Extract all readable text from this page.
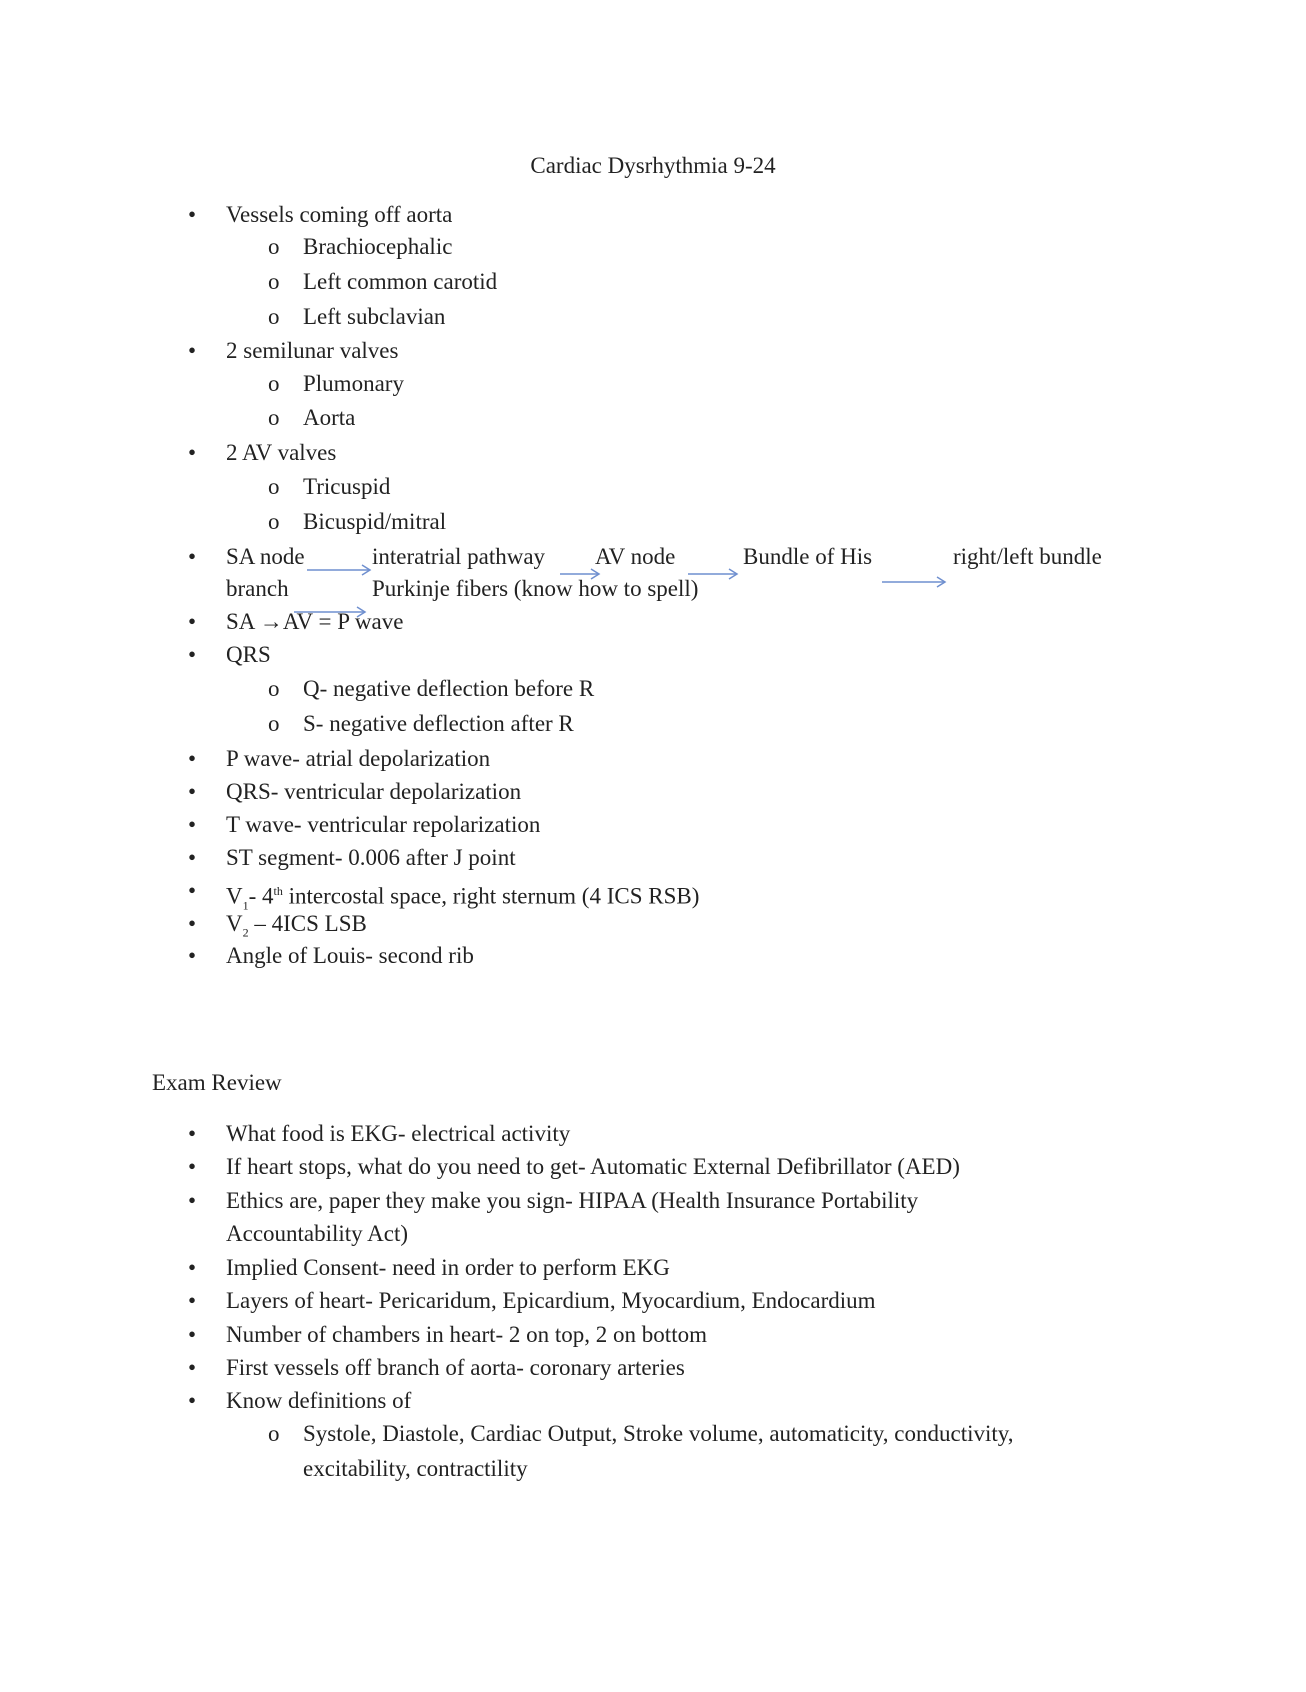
Cardiac Dysrhythmia 9-24
•
Vessels coming off aorta
o Brachiocephalic
o Left common carotid
o Left subclavian
•
2 semilunar valves
o Plumonary
o Aorta
•
2 AV valves
o Tricuspid
o Bicuspid/mitral
•
SA node	interatrial pathway AV node	Bundle of His	right/left bundle
branch	Purkinje fibers (know how to spell)
•
SA →AV = P wave
•
QRS
o Q- negative deflection before R
o S- negative deflection after R
•
P wave- atrial depolarization
•
QRS- ventricular depolarization
•
T wave- ventricular repolarization
•
ST segment- 0.006 after J point
•
$V_1-$ 4th intercostal space, right sternum (4 ICS RSB)
•
$V_2 - 4ICS$ LSB
•
Angle of Louis- second rib
Exam Review
•
What food is EKG- electrical activity
•
If heart stops, what do you need to get- Automatic External Defibrillator (AED)
•
Ethics are, paper they make you sign- HIPAA (Health Insurance Portability
Accountability Act)
•
Implied Consent- need in order to perform EKG
•
Layers of heart- Pericaridum, Epicardium, Myocardium, Endocardium
•
Number of chambers in heart- 2 on top, 2 on bottom
•
First vessels off branch of aorta- coronary arteries
•
Know definitions of
o Systole, Diastole, Cardiac Output, Stroke volume, automaticity, conductivity,
excitability, contractility
